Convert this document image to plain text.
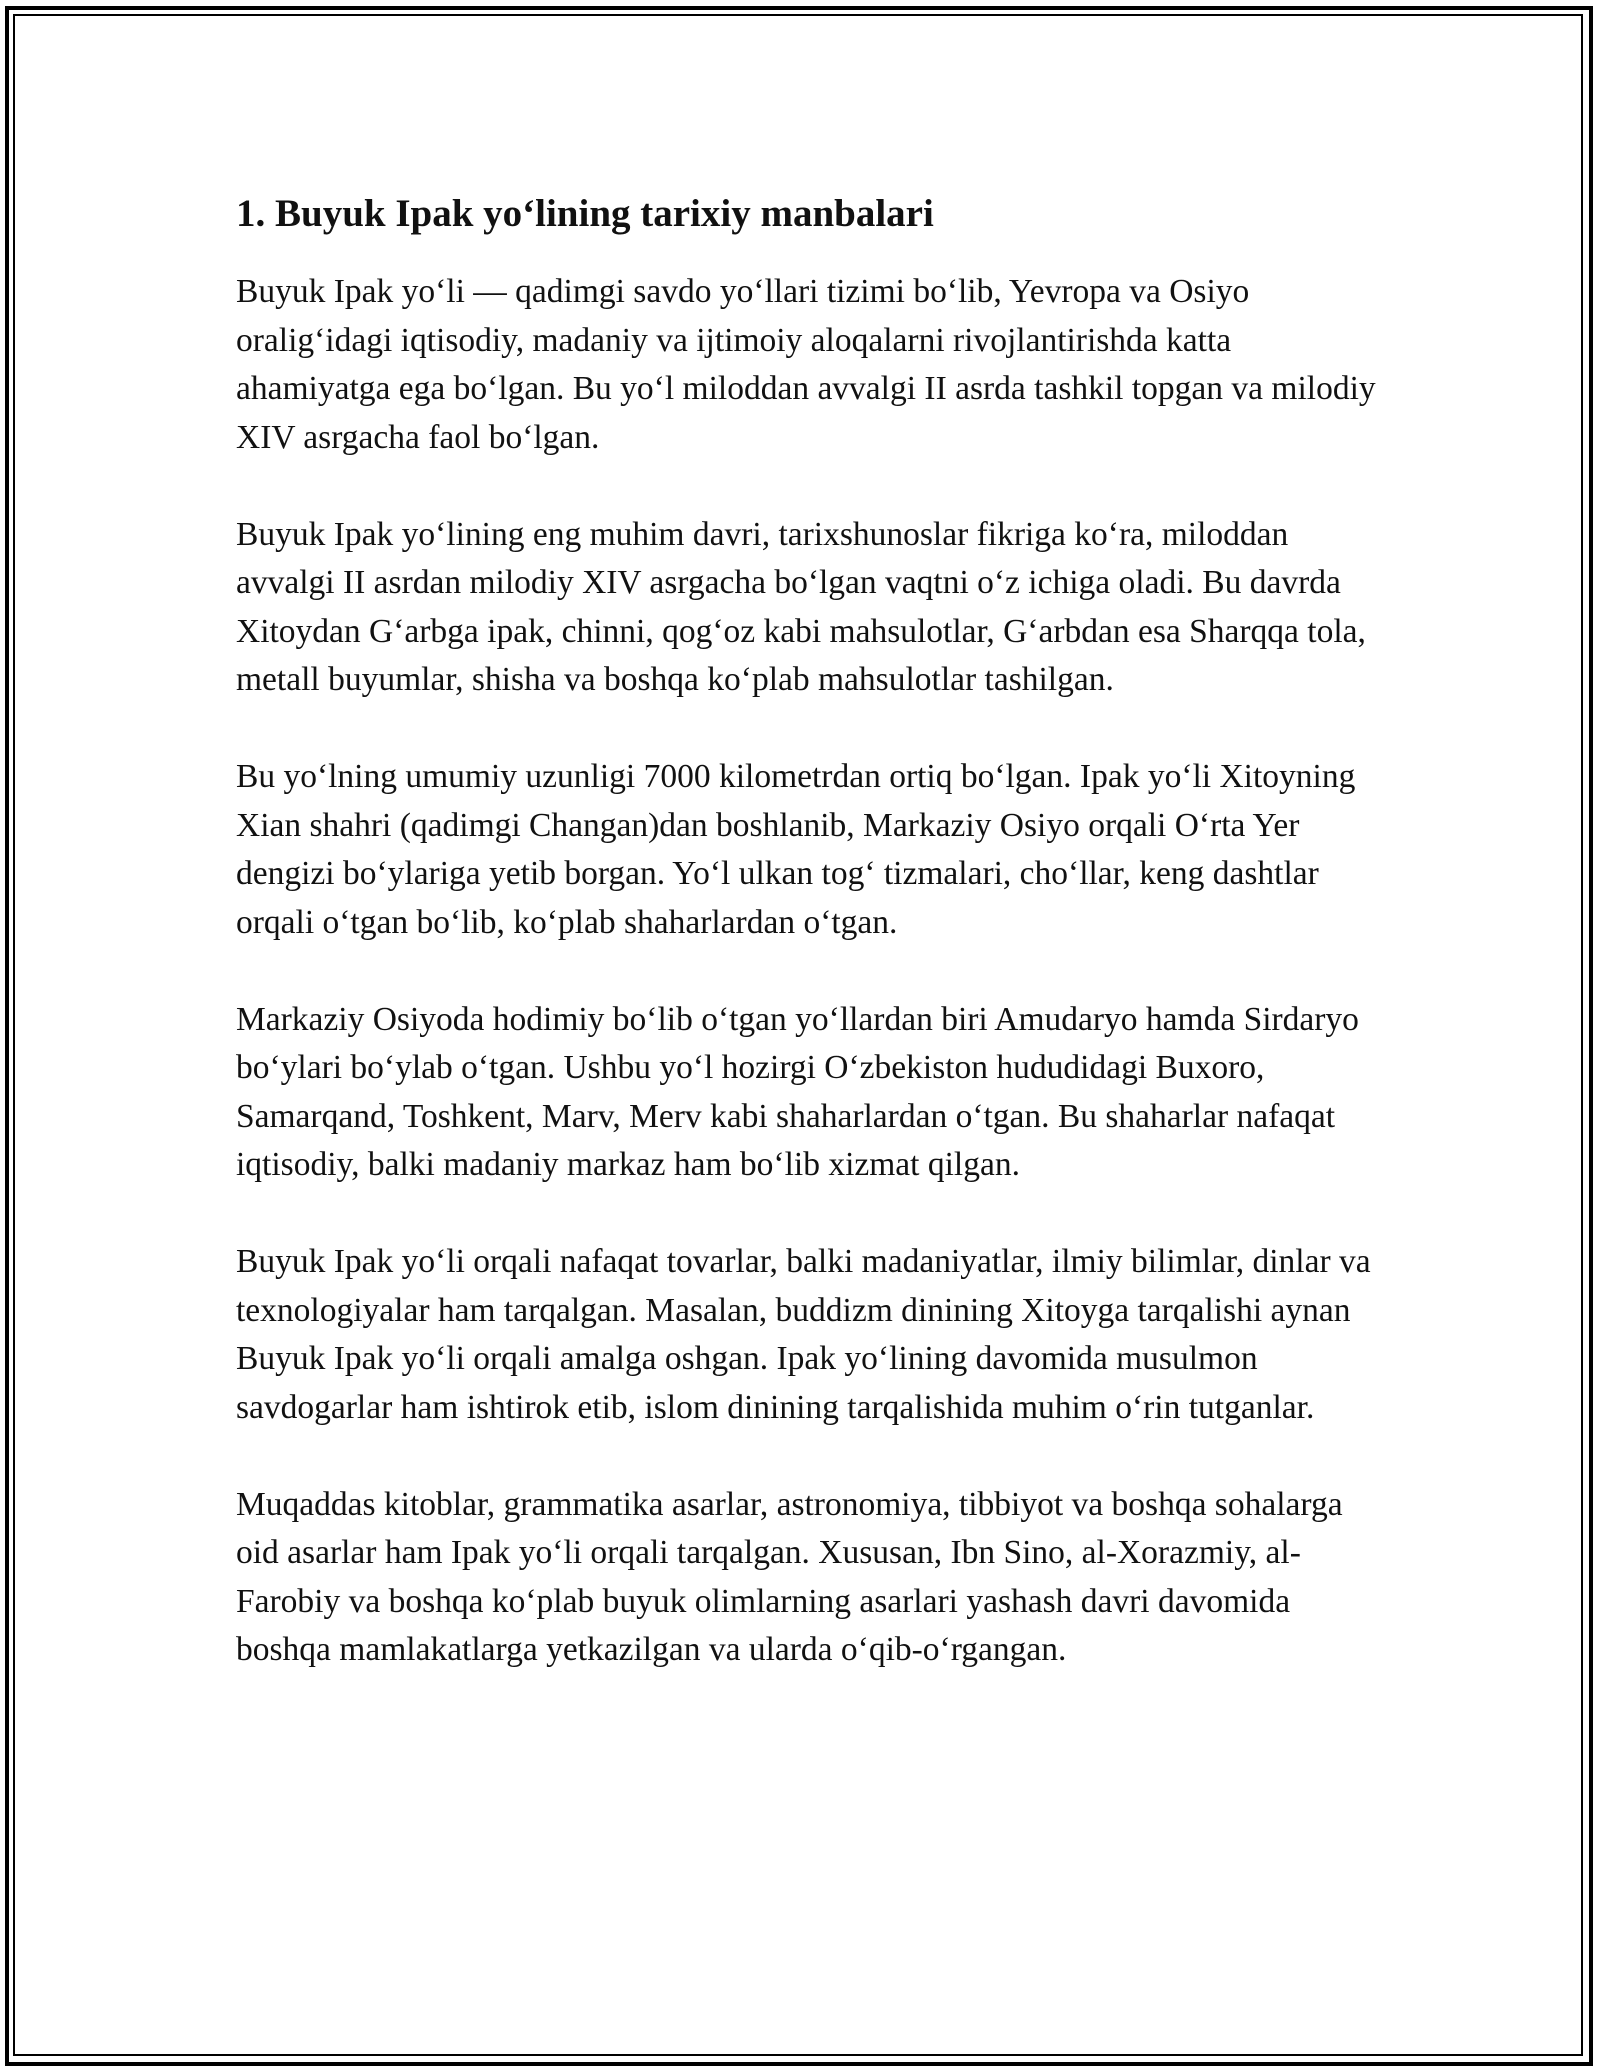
1. Buyuk Ipak yo‘lining tarixiy manbalari

Buyuk Ipak yo‘li — qadimgi savdo yo‘llari tizimi bo‘lib, Yevropa va Osiyo oralig‘idagi iqtisodiy, madaniy va ijtimoiy aloqalarni rivojlantirishda katta ahamiyatga ega bo‘lgan. Bu yo‘l miloddan avvalgi II asrda tashkil topgan va milodiy XIV asrgacha faol bo‘lgan.

Buyuk Ipak yo‘lining eng muhim davri, tarixshunoslar fikriga ko‘ra, miloddan avvalgi II asrdan milodiy XIV asrgacha bo‘lgan vaqtni o‘z ichiga oladi. Bu davrda Xitoydan G‘arbga ipak, chinni, qog‘oz kabi mahsulotlar, G‘arbdan esa Sharqqa tola, metall buyumlar, shisha va boshqa ko‘plab mahsulotlar tashilgan.

Bu yo‘lning umumiy uzunligi 7000 kilometrdan ortiq bo‘lgan. Ipak yo‘li Xitoyning Xian shahri (qadimgi Changan)dan boshlanib, Markaziy Osiyo orqali O‘rta Yer dengizi bo‘ylariga yetib borgan. Yo‘l ulkan tog‘ tizmalari, cho‘llar, keng dashtlar orqali o‘tgan bo‘lib, ko‘plab shaharlardan o‘tgan.

Markaziy Osiyoda hodimiy bo‘lib o‘tgan yo‘llardan biri Amudaryo hamda Sirdaryo bo‘ylari bo‘ylab o‘tgan. Ushbu yo‘l hozirgi O‘zbekiston hududidagi Buxoro, Samarqand, Toshkent, Marv, Merv kabi shaharlardan o‘tgan. Bu shaharlar nafaqat iqtisodiy, balki madaniy markaz ham bo‘lib xizmat qilgan.

Buyuk Ipak yo‘li orqali nafaqat tovarlar, balki madaniyatlar, ilmiy bilimlar, dinlar va texnologiyalar ham tarqalgan. Masalan, buddizm dinining Xitoyga tarqalishi aynan Buyuk Ipak yo‘li orqali amalga oshgan. Ipak yo‘lining davomida musulmon savdogarlar ham ishtirok etib, islom dinining tarqalishida muhim o‘rin tutganlar.

Muqaddas kitoblar, grammatika asarlar, astronomiya, tibbiyot va boshqa sohalarga oid asarlar ham Ipak yo‘li orqali tarqalgan. Xususan, Ibn Sino, al-Xorazmiy, al-Farobiy va boshqa ko‘plab buyuk olimlarning asarlari yashash davri davomida boshqa mamlakatlarga yetkazilgan va ularda o‘qib-o‘rgangan.
